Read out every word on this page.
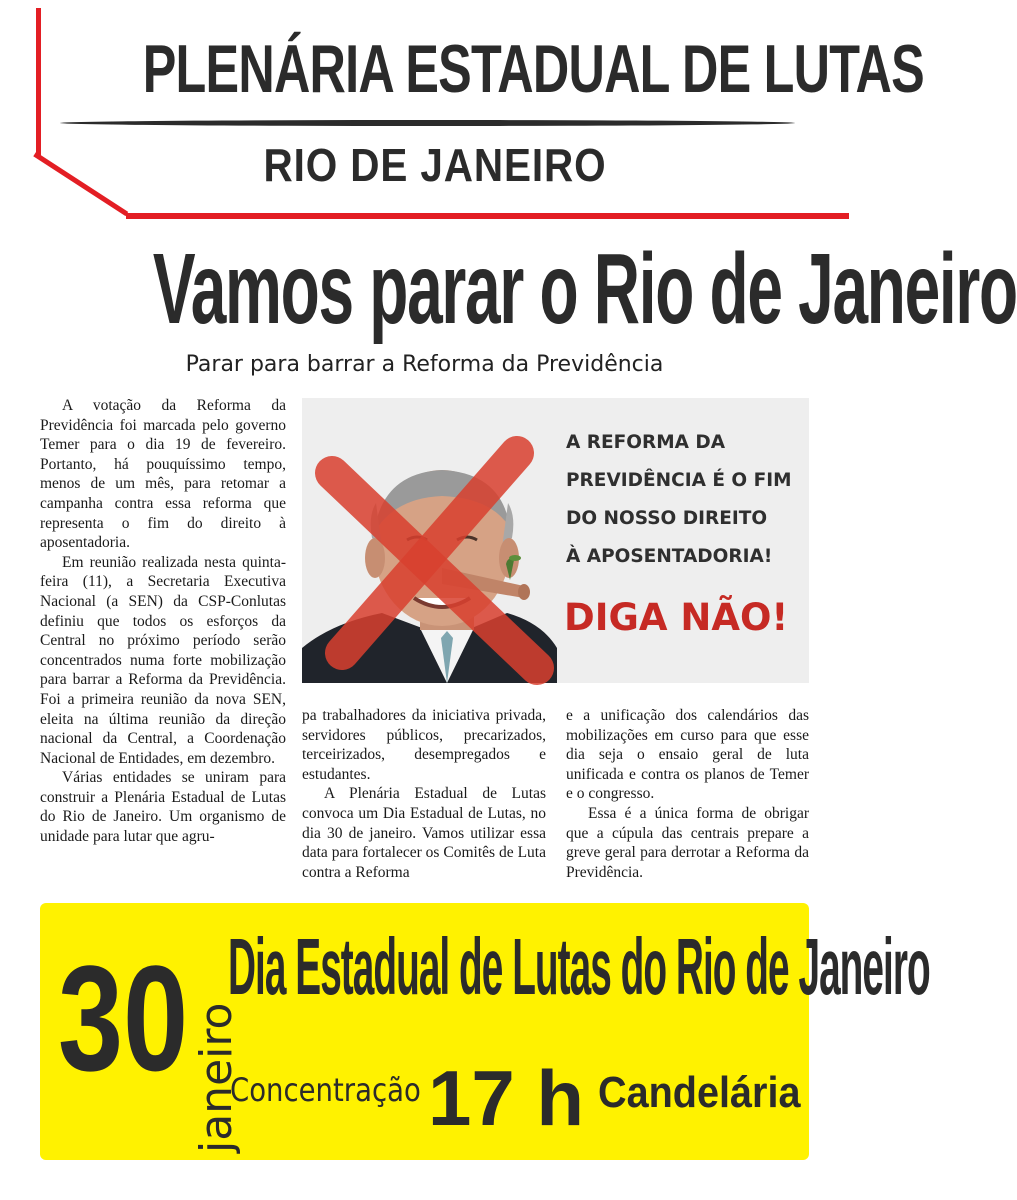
PLENÁRIA ESTADUAL DE LUTAS
RIO DE JANEIRO
Vamos parar o Rio de Janeiro
Parar para barrar a Reforma da Previdência

A votação da Reforma da Previdência foi marcada pelo governo Temer para o dia 19 de fevereiro. Portanto, há pouquíssimo tempo, menos de um mês, para retomar a campanha contra essa reforma que representa o fim do direito à aposentadoria.

Em reunião realizada nesta quinta-feira (11), a Secretaria Executiva Nacional (a SEN) da CSP-Conlutas definiu que todos os esforços da Central no próximo período serão concentrados numa forte mobilização para barrar a Reforma da Previdência. Foi a primeira reunião da nova SEN, eleita na última reunião da direção nacional da Central, a Coordenação Nacional de Entidades, em dezembro.

Várias entidades se uniram para construir a Plenária Estadual de Lutas do Rio de Janeiro. Um organismo de unidade para lutar que agru-

A REFORMA DA
PREVIDÊNCIA É O FIM
DO NOSSO DIREITO
À APOSENTADORIA!
DIGA NÃO!

pa trabalhadores da iniciativa privada, servidores públicos, precarizados, terceirizados, desempregados e estudantes.

A Plenária Estadual de Lutas convoca um Dia Estadual de Lutas, no dia 30 de janeiro. Vamos utilizar essa data para fortalecer os Comitês de Luta contra a Reforma

e a unificação dos calendários das mobilizações em curso para que esse dia seja o ensaio geral de luta unificada e contra os planos de Temer e o congresso.

Essa é a única forma de obrigar que a cúpula das centrais prepare a greve geral para derrotar a Reforma da Previdência.

30 janeiro
Dia Estadual de Lutas do Rio de Janeiro
Concentração 17 h Candelária
